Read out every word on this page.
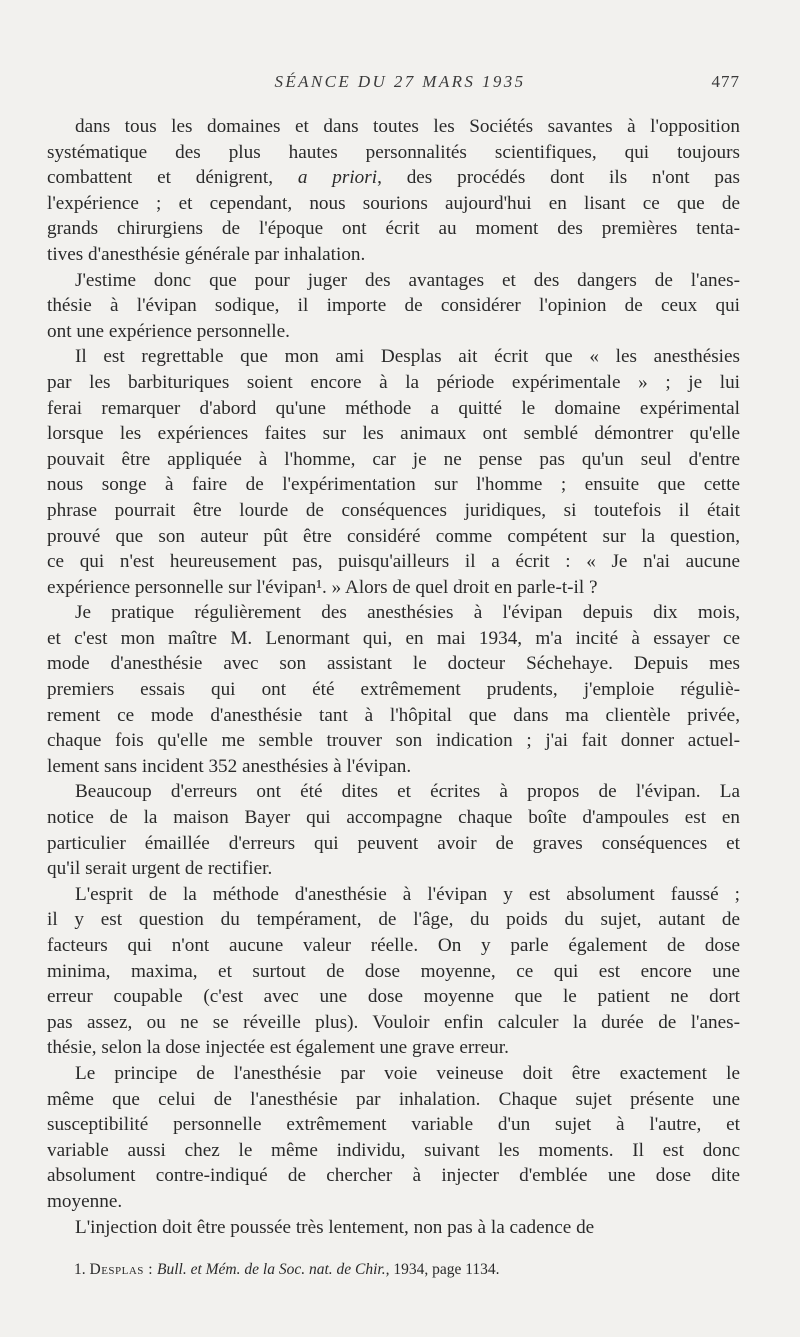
SÉANCE DU 27 MARS 1935	477

dans tous les domaines et dans toutes les Sociétés savantes à l'opposition
systématique des plus hautes personnalités scientifiques, qui toujours
combattent et dénigrent, a priori, des procédés dont ils n'ont pas
l'expérience ; et cependant, nous sourions aujourd'hui en lisant ce que de
grands chirurgiens de l'époque ont écrit au moment des premières tenta-
tives d'anesthésie générale par inhalation.

J'estime donc que pour juger des avantages et des dangers de l'anes-
thésie à l'évipan sodique, il importe de considérer l'opinion de ceux qui
ont une expérience personnelle.

Il est regrettable que mon ami Desplas ait écrit que « les anesthésies
par les barbituriques soient encore à la période expérimentale » ; je lui
ferai remarquer d'abord qu'une méthode a quitté le domaine expérimental
lorsque les expériences faites sur les animaux ont semblé démontrer qu'elle
pouvait être appliquée à l'homme, car je ne pense pas qu'un seul d'entre
nous songe à faire de l'expérimentation sur l'homme ; ensuite que cette
phrase pourrait être lourde de conséquences juridiques, si toutefois il était
prouvé que son auteur pût être considéré comme compétent sur la question,
ce qui n'est heureusement pas, puisqu'ailleurs il a écrit : « Je n'ai aucune
expérience personnelle sur l'évipan¹. » Alors de quel droit en parle-t-il ?

Je pratique régulièrement des anesthésies à l'évipan depuis dix mois,
et c'est mon maître M. Lenormant qui, en mai 1934, m'a incité à essayer ce
mode d'anesthésie avec son assistant le docteur Séchehaye. Depuis mes
premiers essais qui ont été extrêmement prudents, j'emploie réguliè-
rement ce mode d'anesthésie tant à l'hôpital que dans ma clientèle privée,
chaque fois qu'elle me semble trouver son indication ; j'ai fait donner actuel-
lement sans incident 352 anesthésies à l'évipan.

Beaucoup d'erreurs ont été dites et écrites à propos de l'évipan. La
notice de la maison Bayer qui accompagne chaque boîte d'ampoules est en
particulier émaillée d'erreurs qui peuvent avoir de graves conséquences et
qu'il serait urgent de rectifier.

L'esprit de la méthode d'anesthésie à l'évipan y est absolument faussé ;
il y est question du tempérament, de l'âge, du poids du sujet, autant de
facteurs qui n'ont aucune valeur réelle. On y parle également de dose
minima, maxima, et surtout de dose moyenne, ce qui est encore une
erreur coupable (c'est avec une dose moyenne que le patient ne dort
pas assez, ou ne se réveille plus). Vouloir enfin calculer la durée de l'anes-
thésie, selon la dose injectée est également une grave erreur.

Le principe de l'anesthésie par voie veineuse doit être exactement le
même que celui de l'anesthésie par inhalation. Chaque sujet présente une
susceptibilité personnelle extrêmement variable d'un sujet à l'autre, et
variable aussi chez le même individu, suivant les moments. Il est donc
absolument contre-indiqué de chercher à injecter d'emblée une dose dite
moyenne.

L'injection doit être poussée très lentement, non pas à la cadence de

1. Desplas : Bull. et Mém. de la Soc. nat. de Chir., 1934, page 1134.
